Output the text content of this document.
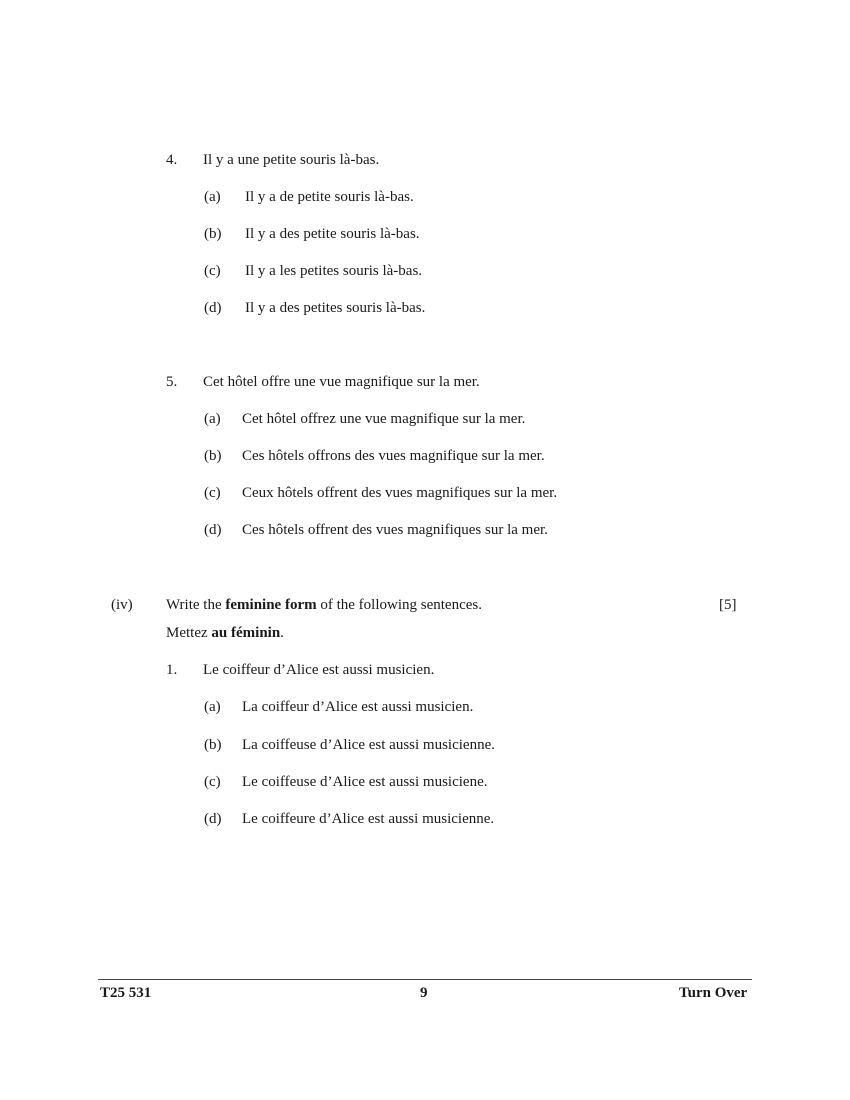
4. Il y a une petite souris là-bas.
(a) Il y a de petite souris là-bas.
(b) Il y a des petite souris là-bas.
(c) Il y a les petites souris là-bas.
(d) Il y a des petites souris là-bas.
5. Cet hôtel offre une vue magnifique sur la mer.
(a) Cet hôtel offrez une vue magnifique sur la mer.
(b) Ces hôtels offrons des vues magnifique sur la mer.
(c) Ceux hôtels offrent des vues magnifiques sur la mer.
(d) Ces hôtels offrent des vues magnifiques sur la mer.
(iv) Write the feminine form of the following sentences.	[5]
Mettez au féminin.
1. Le coiffeur d’Alice est aussi musicien.
(a) La coiffeur d’Alice est aussi musicien.
(b) La coiffeuse d’Alice est aussi musicienne.
(c) Le coiffeuse d’Alice est aussi musiciene.
(d) Le coiffeure d’Alice est aussi musicienne.
T25 531	9	Turn Over
